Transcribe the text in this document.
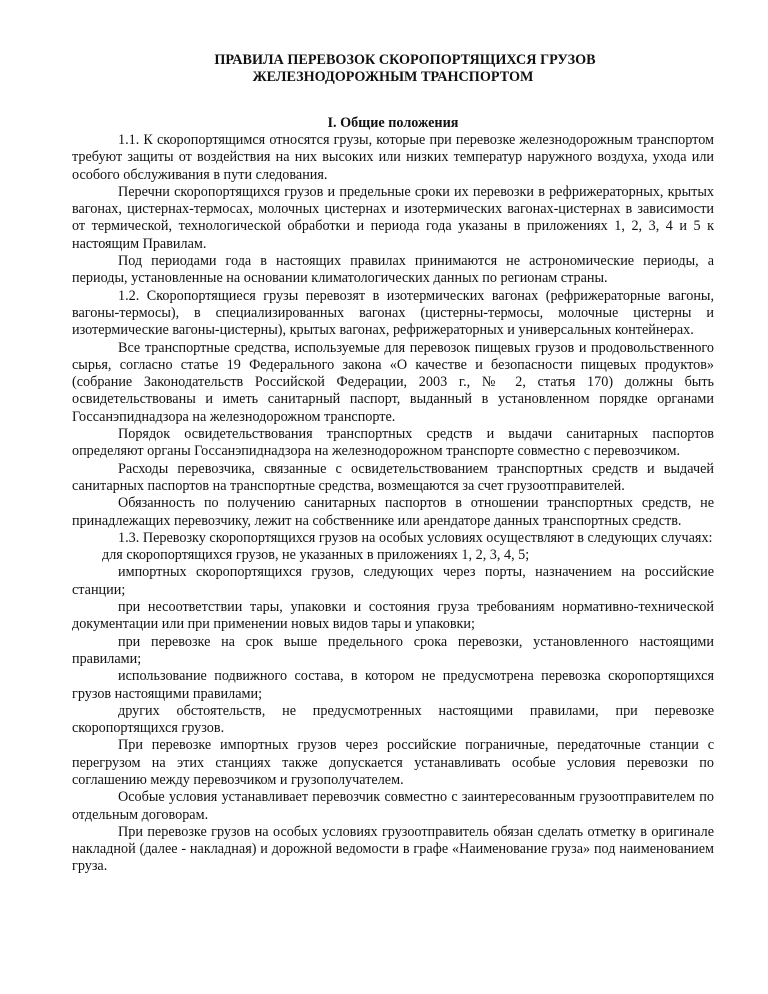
ПРАВИЛА ПЕРЕВОЗОК СКОРОПОРТЯЩИХСЯ ГРУЗОВ
ЖЕЛЕЗНОДОРОЖНЫМ ТРАНСПОРТОМ
I. Общие положения

1.1. К скоропортящимся относятся грузы, которые при перевозке железнодорожным транспортом требуют защиты от воздействия на них высоких или низких температур наружного воздуха, ухода или особого обслуживания в пути следования.

Перечни скоропортящихся грузов и предельные сроки их перевозки в рефрижераторных, крытых вагонах, цистернах-термосах, молочных цистернах и изотермических вагонах-цистернах в зависимости от термической, технологической обработки и периода года указаны в приложениях 1, 2, 3, 4 и 5 к настоящим Правилам.

Под периодами года в настоящих правилах принимаются не астрономические периоды, а периоды, установленные на основании климатологических данных по регионам страны.

1.2. Скоропортящиеся грузы перевозят в изотермических вагонах (рефрижераторные вагоны, вагоны-термосы), в специализированных вагонах (цистерны-термосы, молочные цистерны и изотермические вагоны-цистерны), крытых вагонах, рефрижераторных и универсальных контейнерах.

Все транспортные средства, используемые для перевозок пищевых грузов и продовольственного сырья, согласно статье 19 Федерального закона «О качестве и безопасности пищевых продуктов» (собрание Законодательств Российской Федерации, 2003 г., № 2, статья 170) должны быть освидетельствованы и иметь санитарный паспорт, выданный в установленном порядке органами Госсанэпиднадзора на железнодорожном транспорте.

Порядок освидетельствования транспортных средств и выдачи санитарных паспортов определяют органы Госсанэпиднадзора на железнодорожном транспорте совместно с перевозчиком.

Расходы перевозчика, связанные с освидетельствованием транспортных средств и выдачей санитарных паспортов на транспортные средства, возмещаются за счет грузоотправителей.

Обязанность по получению санитарных паспортов в отношении транспортных средств, не принадлежащих перевозчику, лежит на собственнике или арендаторе данных транспортных средств.

1.3. Перевозку скоропортящихся грузов на особых условиях осуществляют в следующих случаях:

для скоропортящихся грузов, не указанных в приложениях 1, 2, 3, 4, 5;

импортных скоропортящихся грузов, следующих через порты, назначением на российские станции;

при несоответствии тары, упаковки и состояния груза требованиям нормативно-технической документации или при применении новых видов тары и упаковки;

при перевозке на срок выше предельного срока перевозки, установленного настоящими правилами;

использование подвижного состава, в котором не предусмотрена перевозка скоропортящихся грузов настоящими правилами;

других обстоятельств, не предусмотренных настоящими правилами, при перевозке скоропортящихся грузов.

При перевозке импортных грузов через российские пограничные, передаточные станции с перегрузом на этих станциях также допускается устанавливать особые условия перевозки по соглашению между перевозчиком и грузополучателем.

Особые условия устанавливает перевозчик совместно с заинтересованным грузоотправителем по отдельным договорам.

При перевозке грузов на особых условиях грузоотправитель обязан сделать отметку в оригинале накладной (далее - накладная) и дорожной ведомости в графе «Наименование груза» под наименованием груза.
